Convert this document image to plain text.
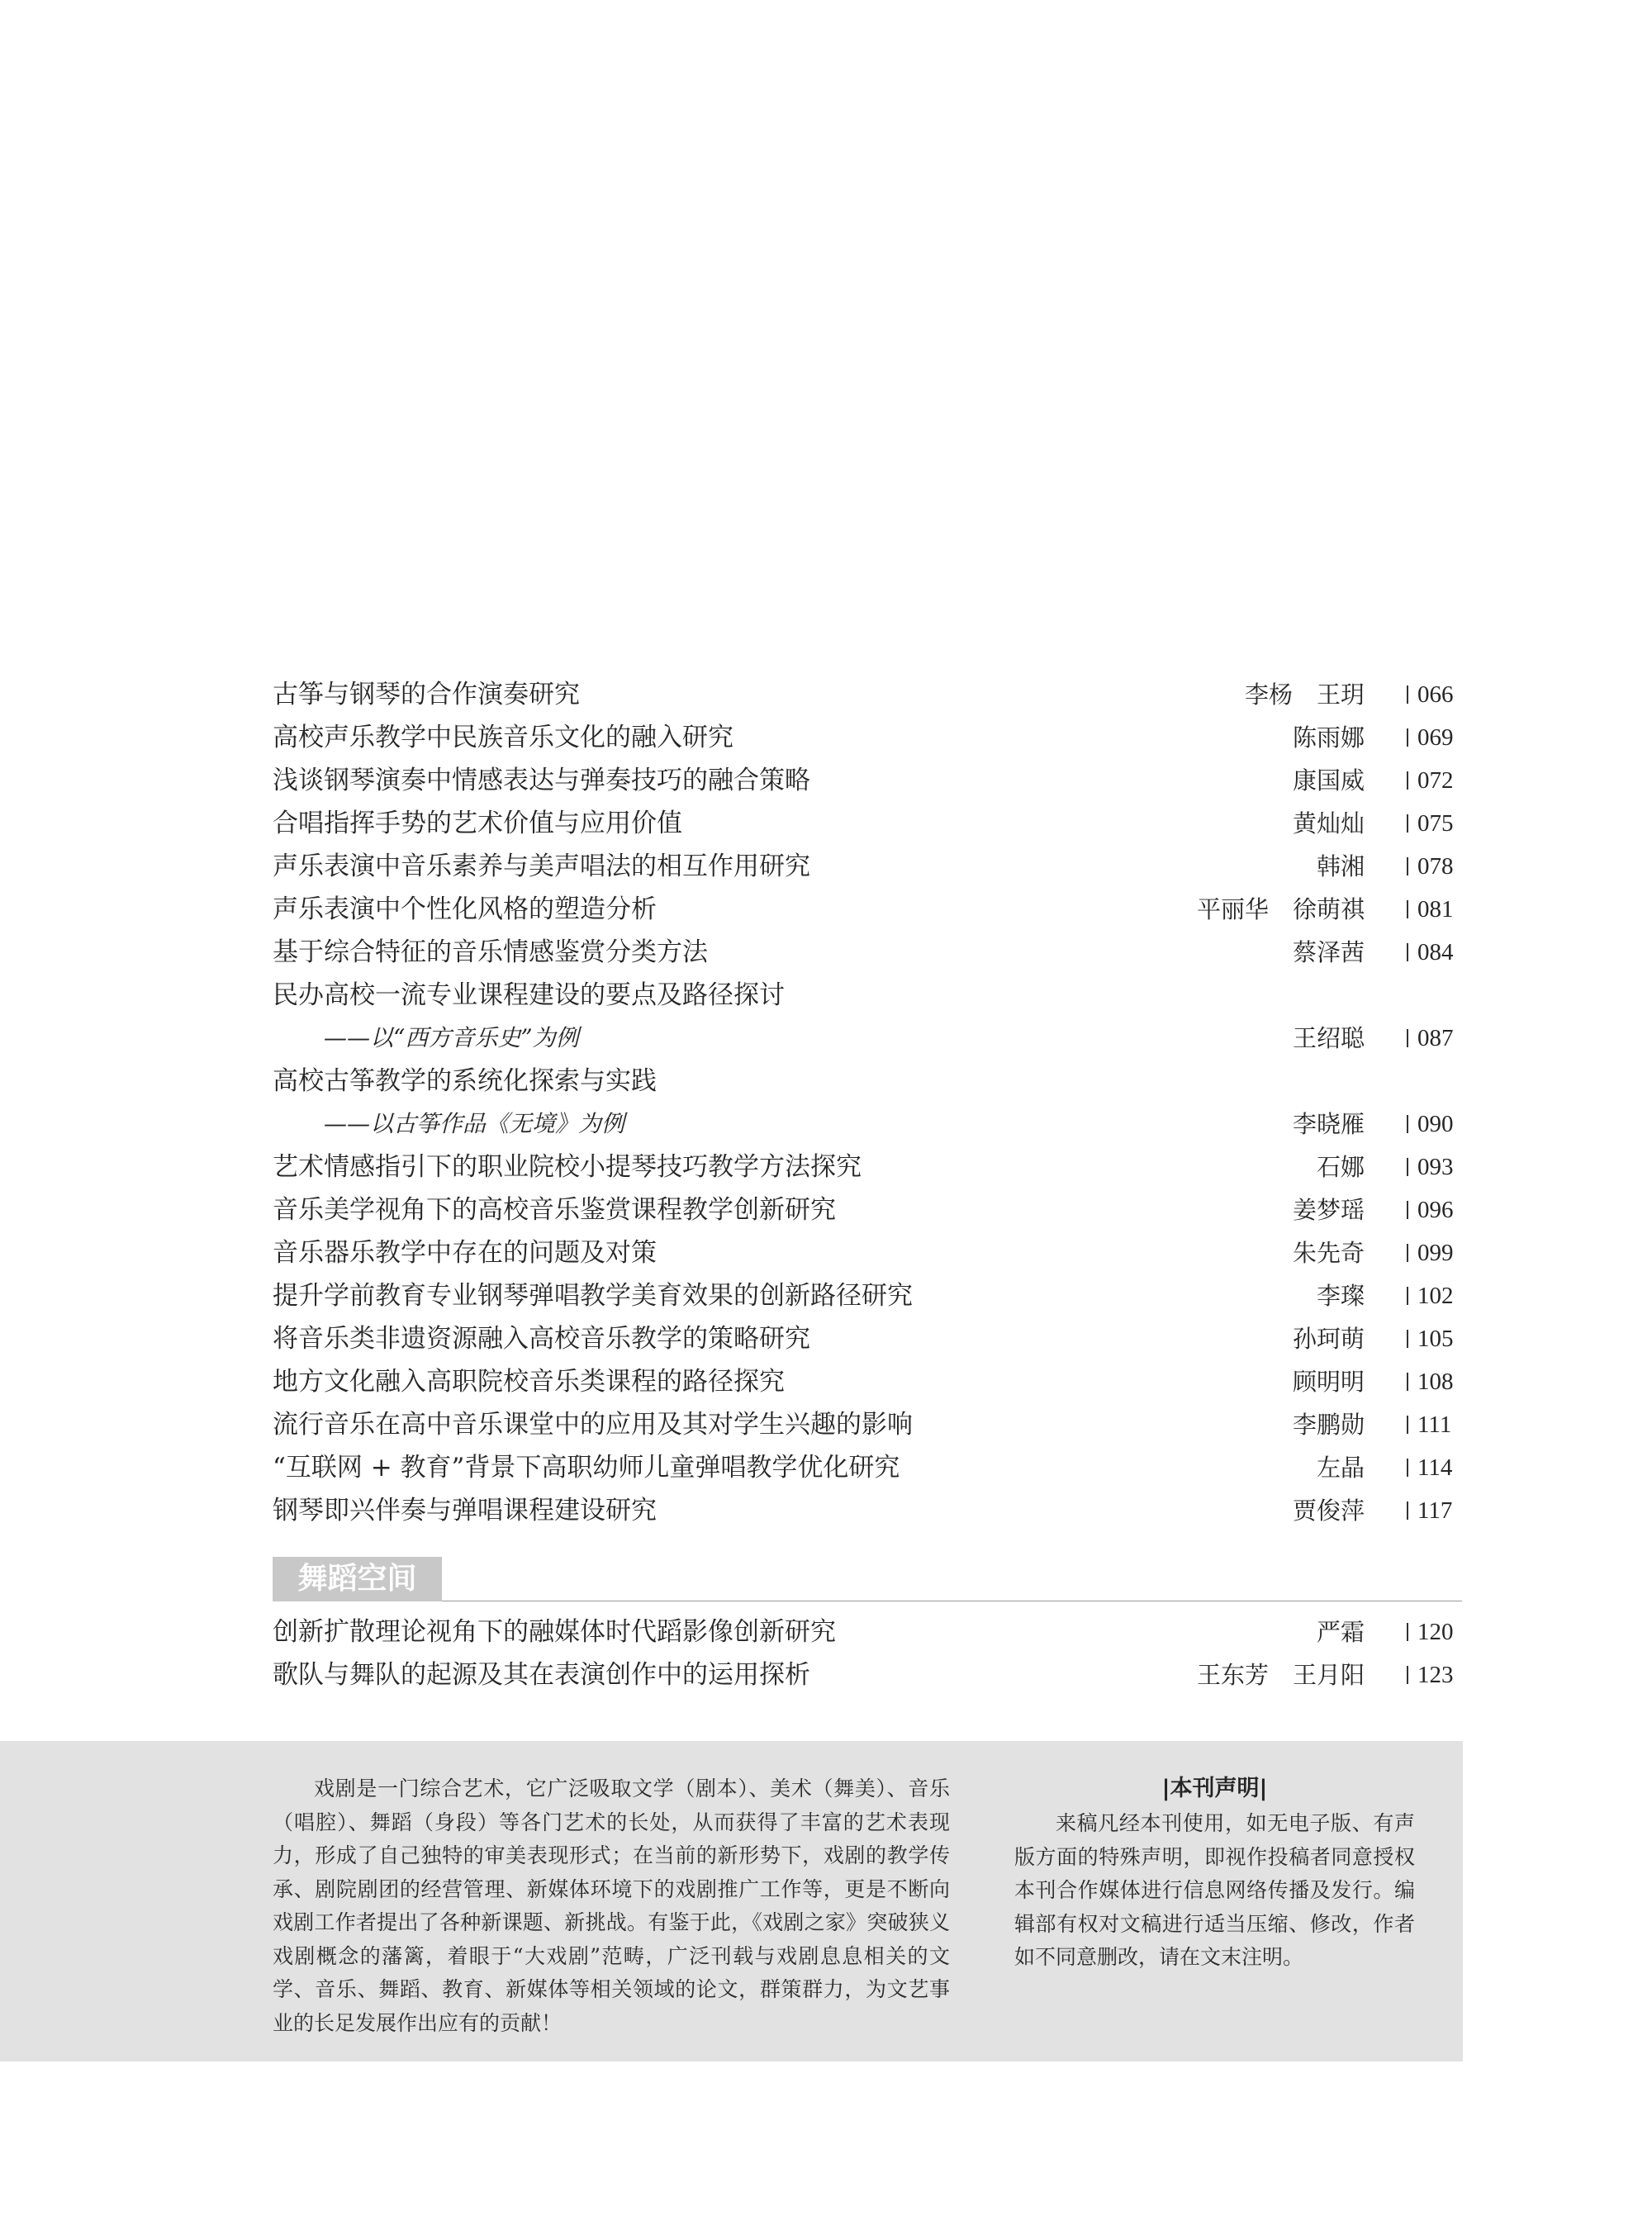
古筝与钢琴的合作演奏研究	李杨　王玥 066
高校声乐教学中民族音乐文化的融入研究	陈雨娜 069
浅谈钢琴演奏中情感表达与弹奏技巧的融合策略	康国威 072
合唱指挥手势的艺术价值与应用价值	黄灿灿 075
声乐表演中音乐素养与美声唱法的相互作用研究	韩湘 078
声乐表演中个性化风格的塑造分析	平丽华　徐萌祺 081
基于综合特征的音乐情感鉴赏分类方法	蔡泽茜 084
民办高校一流专业课程建设的要点及路径探讨
——以“西方音乐史”为例	王绍聪 087
高校古筝教学的系统化探索与实践
——以古筝作品《无境》为例	李晓雁 090
艺术情感指引下的职业院校小提琴技巧教学方法探究	石娜 093
音乐美学视角下的高校音乐鉴赏课程教学创新研究	姜梦瑶 096
音乐器乐教学中存在的问题及对策	朱先奇 099
提升学前教育专业钢琴弹唱教学美育效果的创新路径研究	李璨 102
将音乐类非遗资源融入高校音乐教学的策略研究	孙珂萌 105
地方文化融入高职院校音乐类课程的路径探究	顾明明 108
流行音乐在高中音乐课堂中的应用及其对学生兴趣的影响	李鹏勋 111
“互联网 + 教育”背景下高职幼师儿童弹唱教学优化研究	左晶 114
钢琴即兴伴奏与弹唱课程建设研究	贾俊萍 117
舞蹈空间
创新扩散理论视角下的融媒体时代蹈影像创新研究	严霜 120
歌队与舞队的起源及其在表演创作中的运用探析	王东芳　王月阳 123
戏剧是一门综合艺术，它广泛吸取文学（剧本）、美术（舞美）、音乐（唱腔）、舞蹈（身段）等各门艺术的长处，从而获得了丰富的艺术表现力，形成了自己独特的审美表现形式；在当前的新形势下，戏剧的教学传承、剧院剧团的经营管理、新媒体环境下的戏剧推广工作等，更是不断向戏剧工作者提出了各种新课题、新挑战。有鉴于此，《戏剧之家》突破狭义戏剧概念的藩篱，着眼于“大戏剧”范畴，广泛刊载与戏剧息息相关的文学、音乐、舞蹈、教育、新媒体等相关领域的论文，群策群力，为文艺事业的长足发展作出应有的贡献！
|本刊声明|
来稿凡经本刊使用，如无电子版、有声版方面的特殊声明，即视作投稿者同意授权本刊合作媒体进行信息网络传播及发行。编辑部有权对文稿进行适当压缩、修改，作者如不同意删改，请在文末注明。
